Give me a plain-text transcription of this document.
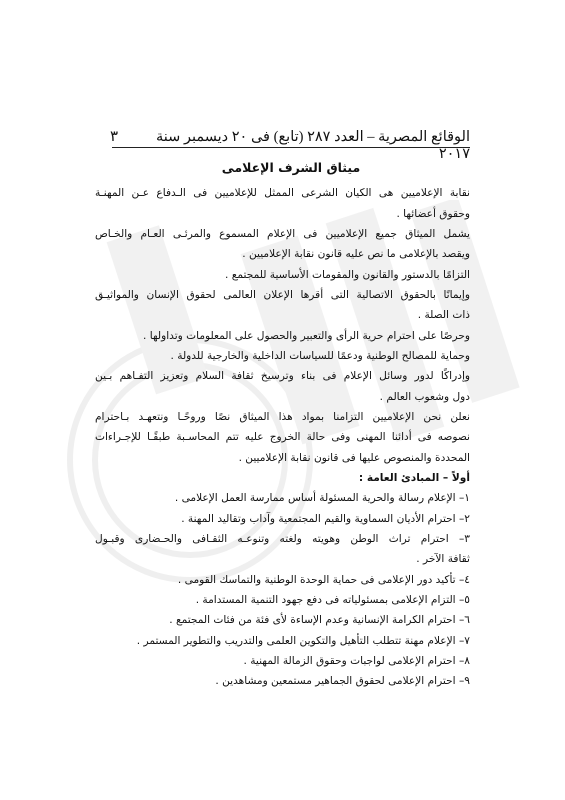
الوقائع المصرية – العدد ٢٨٧ (تابع) فى ٢٠ ديسمبر سنة ٢٠١٧
٣
ميثاق الشرف الإعلامى
نقابة الإعلاميين هى الكيان الشرعى الممثل للإعلاميين فى الـدفاع عـن المهنـة
وحقوق أعضائها .
يشمل الميثاق جميع الإعلاميين فى الإعلام المسموع والمرئـى العـام والخـاص
ويقصد بالإعلامى ما نص عليه قانون نقابة الإعلاميين .
التزامًا بالدستور والقانون والمقومات الأساسية للمجتمع .
وإيمانًا بالحقوق الاتصالية التى أقرها الإعلان العالمى لحقوق الإنسان والمواثيـق
ذات الصلة .
وحرصًا على احترام حرية الرأى والتعبير والحصول على المعلومات وتداولها .
وحماية للمصالح الوطنية ودعمًا للسياسات الداخلية والخارجية للدولة .
وإدراكًا لدور وسائل الإعلام فى بناء وترسيخ ثقافة السلام وتعزيز التفـاهم بـين
دول وشعوب العالم .
نعلن نحن الإعلاميين التزامنا بمواد هذا الميثاق نصًا وروحًـا ونتعهـد بـاحترام
نصوصه فى أدائنا المهنى وفى حالة الخروج عليه تتم المحاسـبة طبقًـا للإجـراءات
المحددة والمنصوص عليها فى قانون نقابة الإعلاميين .
أولاً – المبادئ العامة :
١– الإعلام رسالة والحرية المسئولة أساس ممارسة العمل الإعلامى .
٢– احترام الأديان السماوية والقيم المجتمعية وآداب وتقاليد المهنة .
٣– احترام تراث الوطن وهويته ولغته وتنوعـه الثقـافى والحـضارى وقبـول
ثقافة الآخر .
٤– تأكيد دور الإعلامى فى حماية الوحدة الوطنية والتماسك القومى .
٥– التزام الإعلامى بمسئولياته فى دفع جهود التنمية المستدامة .
٦– احترام الكرامة الإنسانية وعدم الإساءة لأى فئة من فئات المجتمع .
٧– الإعلام مهنة تتطلب التأهيل والتكوين العلمى والتدريب والتطوير المستمر .
٨– احترام الإعلامى لواجبات وحقوق الزمالة المهنية .
٩– احترام الإعلامى لحقوق الجماهير مستمعين ومشاهدين .
